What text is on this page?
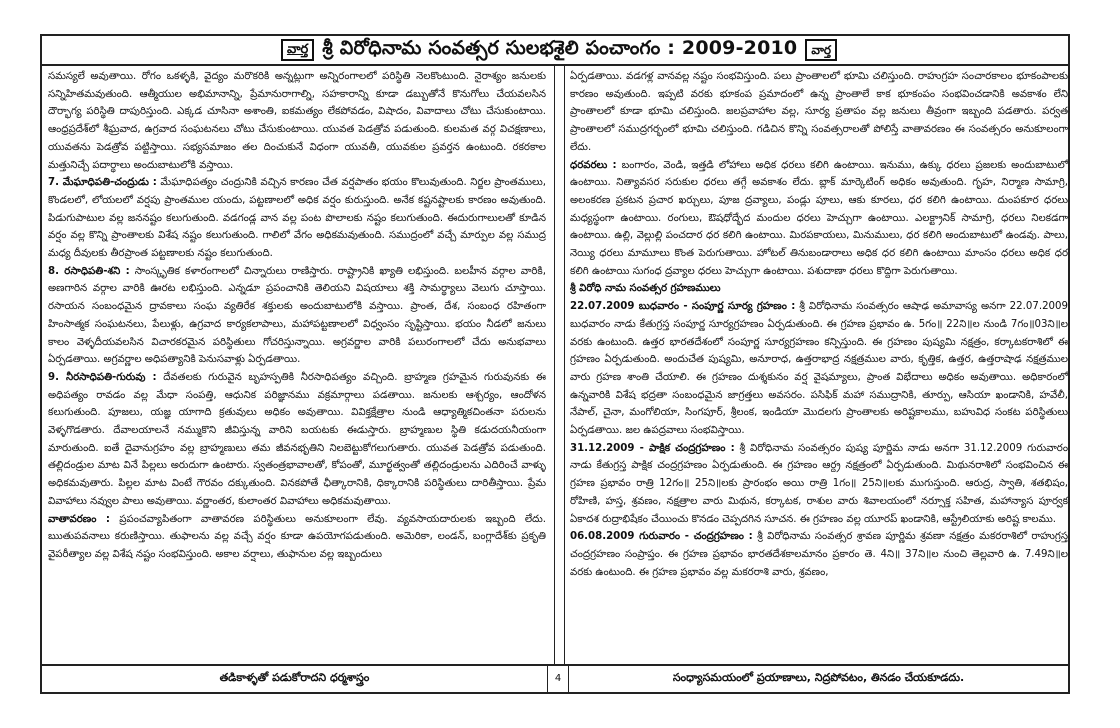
వార్త శ్రీ విరోధినామ సంవత్సర సులభశైలి పంచాంగం : 2009-2010	వార్త

సమస్యలే అవుతాయి. రోగం ఒకళ్ళకి, వైద్యం మరొకరికి అన్నట్లుగా అన్నిరంగాలలో పరిస్థితి నెలకొంటుంది. నైరాశ్యం జనులకు సన్నిహితమవుతుంది. ఆత్మీయుల అభిమానాన్ని, ప్రేమానురాగాల్ని, సహకారాన్ని కూడా డబ్బుతోనే కొనుగోలు చేయవలసిన దౌర్భాగ్య పరిస్థితి దాపురిస్తుంది. ఎక్కడ చూసినా అశాంతి, ఐకమత్యం లేకపోవడం, విషాదం, వివాదాలు చోటు చేసుకుంటాయి. ఆంధ్రప్రదేశ్‌లో శీఘ్రవాద, ఉగ్రవాద సంఘటనలు చోటు చేసుకుంటాయి. యువత పెడత్రోవ పడుతుంది. కులమత వర్గ విచక్షణాలు, యువతను పెడత్రోవ పట్టిస్తాయి. సభ్యసమాజం తల దించుకునే విధంగా యువతీ, యువకుల ప్రవర్తన ఉంటుంది. రకరకాల మత్తునిచ్చే పదార్థాలు అందుబాటులోకి వస్తాయి.

7. మేఘాధిపతి-చంద్రుడు : మేఘాధిపత్యం చంద్రునికి వచ్చిన కారణం చేత వర్షపాతం భయం కొలువుతుంది. నిర్జల ప్రాంతములు, కొండలలో, లోయలలో వర్షపు ప్రాంతముల యందు, పట్టణాలలో అధిక వర్షం కురుస్తుంది. అనేక కష్టనష్టాలకు కారణం అవుతుంది. పిడుగుపాటుల వల్ల జననష్టం కలుగుతుంది. వడగండ్ల వాన వల్ల పంట పొలాలకు నష్టం కలుగుతుంది. ఈదురుగాలులతో కూడిన వర్షం వల్ల కొన్ని ప్రాంతాలకు విశేష నష్టం కలుగుతుంది. గాలిలో వేగం అధికమవుతుంది. సముద్రంలో వచ్చే మార్పుల వల్ల సముద్ర మధ్య దీవులకు తీరప్రాంత పట్టణాలకు నష్టం కలుగుతుంది.

8. రసాధిపతి-శని : సాంస్కృతిక కళారంగాలలో చిన్నారులు రాణిస్తారు. రాష్ట్రానికి ఖ్యాతి లభిస్తుంది. బలహీన వర్గాల వారికి, అణగారిన వర్గాల వారికి ఊరట లభిస్తుంది. ఎన్నడూ ప్రపంచానికి తెలియని విషయాలు శక్తి సామర్థ్యాలు వెలుగు చూస్తాయి. రసాయన సంబంధమైన ద్రావకాలు సంఘ వ్యతిరేక శక్తులకు అందుబాటులోకి వస్తాయి. ప్రాంత, దేశ, సంబంధ రహితంగా హింసాత్మక సంఘటనలు, పేలుళ్లు, ఉగ్రవాద కార్యకలాపాలు, మహాపట్టణాలలో విధ్వంసం సృష్టిస్తాయి. భయం నీడలో జనులు కాలం వెళ్ళదీయవలసిన విచారకరమైన పరిస్థితులు గోచరిస్తున్నాయి. అగ్రవర్ణాల వారికి పలురంగాలలో చేదు అనుభవాలు ఏర్పడతాయి. అగ్రవర్ణాల అధిపత్యానికి పెనుసవాళ్లు ఏర్పడతాయి.

9. నీరసాధిపతి-గురువు : దేవతలకు గురువైన బృహస్పతికి నీరసాధిపత్యం వచ్చింది. బ్రాహ్మణ గ్రహమైన గురువునకు ఈ అధిపత్యం రావడం వల్ల మేధా సంపత్తి, ఆధునిక పరిజ్ఞానము వక్రమార్గాలు పడతాయి. జనులకు ఆశ్చర్యం, ఆందోళన కలుగుతుంది. పూజలు, యజ్ఞ యాగాది క్రతువులు అధికం అవుతాయి. వివిక్తక్షేత్రాల నుండి ఆధ్యాత్మికచింతనా పరులను వెళ్ళగొడతారు. దేవాలయాలనే నమ్ముకొని జీవిస్తున్న వారిని బయటకు ఈడుస్తారు. బ్రాహ్మణుల స్థితి కడుదయనీయంగా మారుతుంది. ఐతే దైవానుగ్రహం వల్ల బ్రాహ్మణులు తమ జీవనభృతిని నిలబెట్టుకోగలుగుతారు. యువత పెడత్రోవ పడుతుంది. తల్లిదండ్రుల మాట వినే పిల్లలు అరుదుగా ఉంటారు. స్వతంత్రభావాలతో, కోపంతో, మూర్ఖత్వంతో తల్లిదండ్రులను ఎదిరించే వాళ్ళు అధికమవుతారు. పిల్లల మాట వింటే గౌరవం దక్కుతుంది. వినకపోతే ఛీత్కారానికి, ధిక్కారానికి పరిస్థితులు దారితీస్తాయి. ప్రేమ వివాహాలు నవ్వుల పాలు అవుతాయి. వర్ణాంతర, కులాంతర వివాహాలు అధికమవుతాయి.

వాతావరణం : ప్రపంచవ్యాపితంగా వాతావరణ పరిస్థితులు అనుకూలంగా లేవు. వ్యవసాయదారులకు ఇబ్బంది లేదు. ఋతుపవనాలు కరుణిస్తాయి. తుఫాలను వల్ల వచ్చే వర్షం కూడా ఉపయోగపడుతుంది. అమెరికా, లండన్, బంగ్లాదేశ్‌కు ప్రకృతి వైపరీత్యాల వల్ల విశేష నష్టం సంభవిస్తుంది. అకాల వర్షాలు, తుఫానుల వల్ల ఇబ్బందులు

ఏర్పడతాయి. వడగళ్ల వానవల్ల నష్టం సంభవిస్తుంది. పలు ప్రాంతాలలో భూమి చలిస్తుంది. రాహుగ్రహ సంచారకాలం భూకంపాలకు కారణం అవుతుంది. ఇప్పటి వరకు భూకంప ప్రమాదంలో ఉన్న ప్రాంతాలే కాక భూకంపం సంభవించడానికి అవకాశం లేని ప్రాంతాలలో కూడా భూమి చలిస్తుంది. జలప్రవాహాల వల్ల, సూర్య ప్రతాపం వల్ల జనులు తీవ్రంగా ఇబ్బంది పడతారు. పర్వత ప్రాంతాలలో సముద్రగర్భంలో భూమి చలిస్తుంది. గడిచిన కొన్ని సంవత్సరాలతో పోలిస్తే వాతావరణం ఈ సంవత్సరం అనుకూలంగా లేదు.

ధరవరలు : బంగారం, వెండి, ఇత్తడి లోహాలు అధిక ధరలు కలిగి ఉంటాయి. ఇనుము, ఉక్కు ధరలు ప్రజలకు అందుబాటులో ఉంటాయి. నిత్యావసర సరుకుల ధరలు తగ్గే అవకాశం లేదు. బ్లాక్ మార్కెటింగ్ అధికం అవుతుంది. గృహ, నిర్మాణ సామాగ్రి, అలంకరణ ప్రకటన ప్రచార ఖర్చులు, పూజ ద్రవ్యాలు, పండ్లు పూలు, ఆకు కూరలు, ధర కలిగి ఉంటాయి. దుంపకూర ధరలు మధ్యస్థంగా ఉంటాయి. రంగులు, ఔషధోద్భేద మందుల ధరలు హెచ్చుగా ఉంటాయి. ఎలక్ట్రానిక్ సామాగ్రి, ధరలు నిలకడగా ఉంటాయి. ఉల్లి, వెల్లుల్లి పంచదార ధర కలిగి ఉంటాయి. మిరపకాయలు, మినుములు, ధర కలిగి అందుబాటులో ఉండవు. పాలు, నెయ్యి ధరలు మామూలు కొంత పెరుగుతాయి. హోటల్ తినుబండారాలు అధిక ధర కలిగి ఉంటాయి మాంసం ధరలు అధిక ధర కలిగి ఉంటాయి సుగంధ ద్రవ్యాల ధరలు హెచ్చుగా ఉంటాయి. పశుదాణా ధరలు కొద్దిగా పెరుగుతాయి.

శ్రీ విరోధి నామ సంవత్సర గ్రహణములు

22.07.2009 బుధవారం - సంపూర్ణ సూర్య గ్రహణం : శ్రీ విరోధినామ సంవత్సరం ఆషాఢ అమావాస్య అనగా 22.07.2009 బుధవారం నాడు కేతుగ్రస్త సంపూర్ణ సూర్యగ్రహణం ఏర్పడుతుంది. ఈ గ్రహణ ప్రభావం ఉ. 5గం॥ 22ని॥ల నుండి 7గం॥03ని॥ల వరకు ఉంటుంది. ఉత్తర భారతదేశంలో సంపూర్ణ సూర్యగ్రహణం కన్పిస్తుంది. ఈ గ్రహణం పుష్యమి నక్షత్రం, కర్కాటకరాశిలో ఈ గ్రహణం ఏర్పడుతుంది. అందుచేత పుష్యమి, అనూరాధ, ఉత్తరాభాద్ర నక్షత్రముల వారు, కృత్తిక, ఉత్తర, ఉత్తరాషాఢ నక్షత్రముల వారు గ్రహణ శాంతి చేయాలి. ఈ గ్రహణం దుశ్శకునం వర్ష వైషమ్యాలు, ప్రాంత విభేదాలు అధికం అవుతాయి. అధికారంలో ఉన్నవారికి విశేష భద్రతా సంబంధమైన జాగ్రత్తలు అవసరం. పసిఫిక్ మహా సముద్రానికి, తూర్పు, ఆసియా ఖండానికి, హవేలీ, నేపాల్, చైనా, మంగోలియా, సింగపూర్, శ్రీలంక, ఇండియా మొదలగు ప్రాంతాలకు అరిష్టకాలము, బహువిధ సంకట పరిస్థితులు ఏర్పడతాయి. జల ఉపద్రవాలు సంభవిస్తాయి.

31.12.2009 - పాక్షిక చంద్రగ్రహణం : శ్రీ విరోధినామ సంవత్సరం పుష్య పూర్ణిమ నాడు అనగా 31.12.2009 గురువారం నాడు కేతుగ్రస్త పాక్షిక చంద్రగ్రహణం ఏర్పడుతుంది. ఈ గ్రహణం ఆర్ద్ర నక్షత్రంలో ఏర్పడుతుంది. మిథునరాశిలో సంభవించిన ఈ గ్రహణ ప్రభావం రాత్రి 12గం॥ 25ని॥లకు ప్రారంభం అయి రాత్రి 1గం॥ 25ని॥లకు ముగుస్తుంది. ఆరుద్ర, స్వాతి, శతభిషం, రోహిణి, హస్త, శ్రవణం, నక్షత్రాల వారు మిథున, కర్కాటక, రాశుల వారు శివాలయంలో నర్సూక్త సహిత, మహాన్యాస పూర్వక ఏకాదశ రుద్రాభిషేకం చేయించు కొనడం చెప్పదగిన సూచన. ఈ గ్రహణం వల్ల యూరప్ ఖండానికి, ఆస్ట్రేలియాకు అరిష్ట కాలము.

06.08.2009 గురువారం - చంద్రగ్రహణం : శ్రీ విరోధినామ సంవత్సర శ్రావణ పూర్ణిమ శ్రవణా నక్షత్రం మకరరాశిలో రాహుగ్రస్త చంద్రగ్రహణం సంప్రాప్తం. ఈ గ్రహణ ప్రభావం భారతదేశకాలమానం ప్రకారం తె. 4ని॥ 37ని॥ల నుంచి తెల్లవారి ఉ. 7.49ని॥ల వరకు ఉంటుంది. ఈ గ్రహణ ప్రభావం వల్ల మకరరాశి వారు, శ్రవణం,

తడికాళ్ళతో పడుకోరాదని ధర్మశాస్త్రం	4	సంధ్యాసమయంలో ప్రయాణాలు, నిద్రపోవటం, తినడం చేయకూడదు.
